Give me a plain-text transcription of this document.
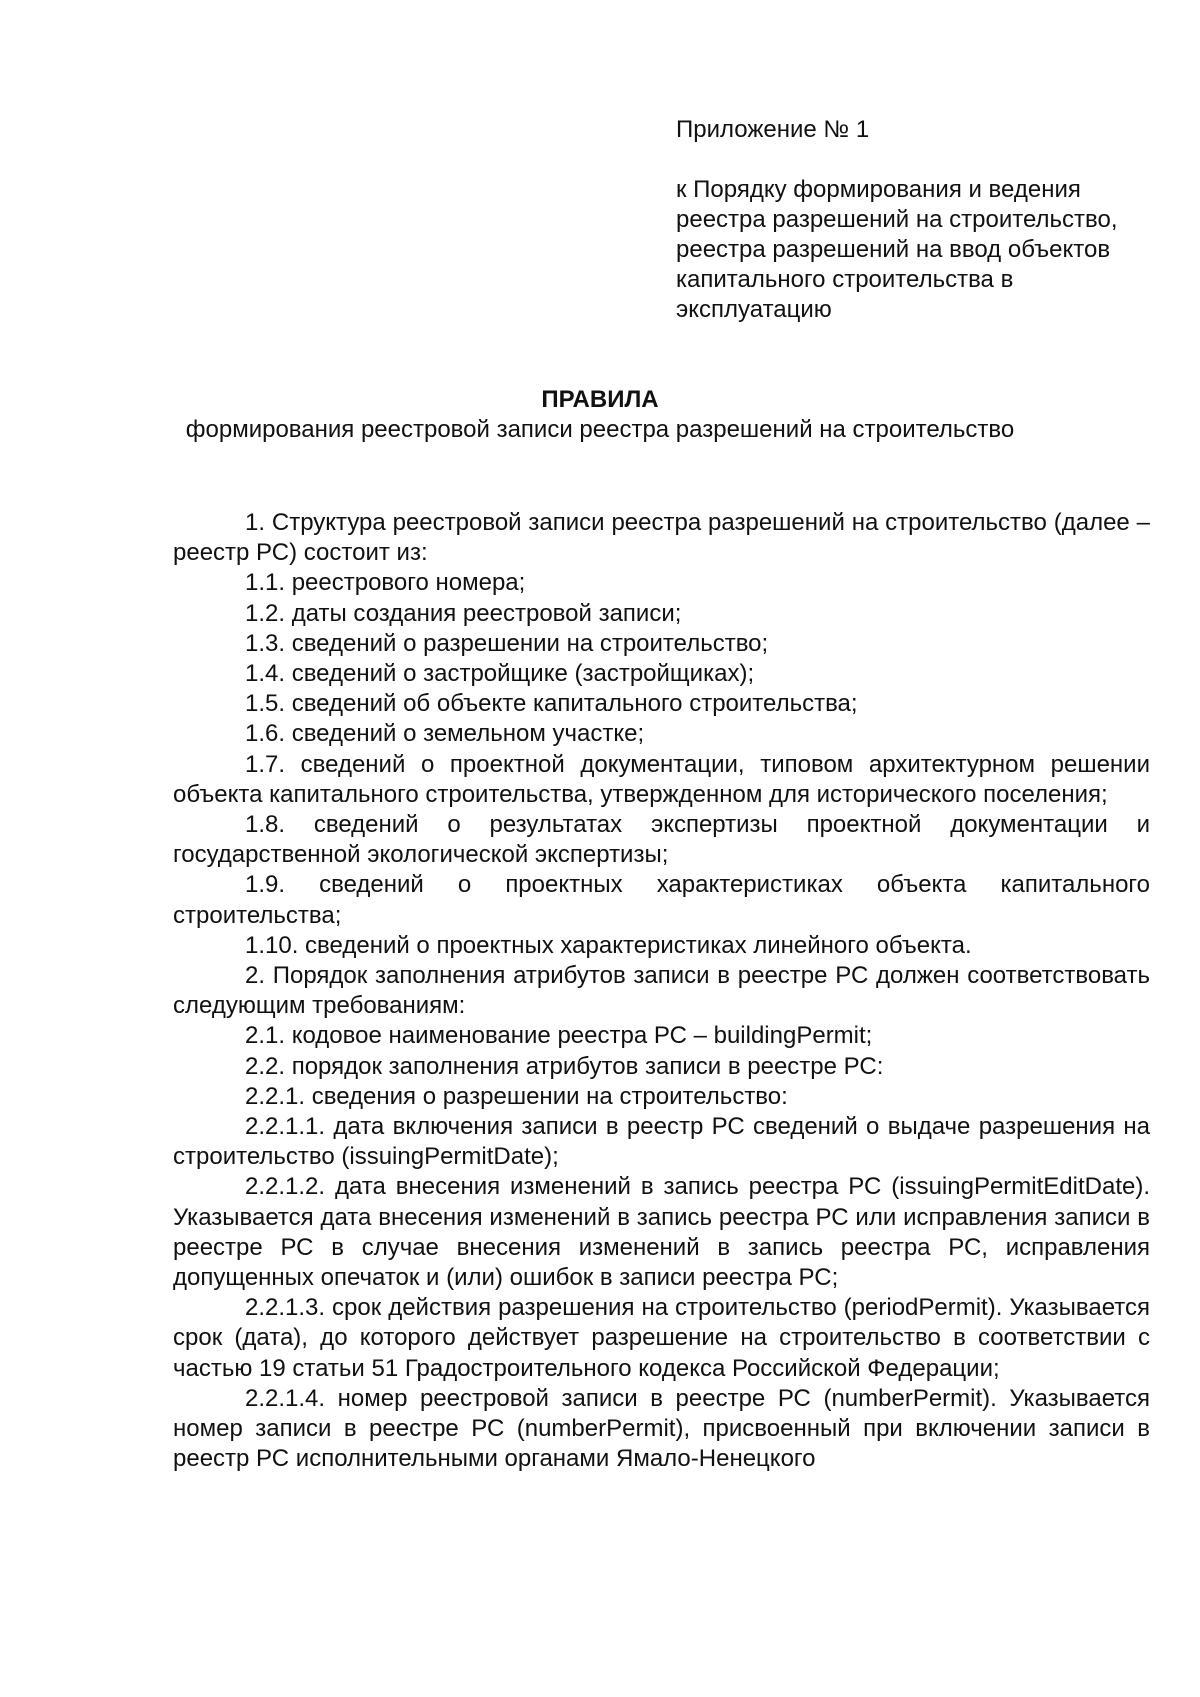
Приложение № 1
к Порядку формирования и ведения реестра разрешений на строительство, реестра разрешений на ввод объектов капитального строительства в эксплуатацию
ПРАВИЛА
формирования реестровой записи реестра разрешений на строительство

1. Структура реестровой записи реестра разрешений на строительство (далее – реестр РС) состоит из:

1.1. реестрового номера;

1.2. даты создания реестровой записи;

1.3. сведений о разрешении на строительство;

1.4. сведений о застройщике (застройщиках);

1.5. сведений об объекте капитального строительства;

1.6. сведений о земельном участке;

1.7. сведений о проектной документации, типовом архитектурном решении объекта капитального строительства, утвержденном для исторического поселения;

1.8. сведений о результатах экспертизы проектной документации и государственной экологической экспертизы;

1.9. сведений о проектных характеристиках объекта капитального строительства;

1.10. сведений о проектных характеристиках линейного объекта.

2. Порядок заполнения атрибутов записи в реестре РС должен соответствовать следующим требованиям:

2.1. кодовое наименование реестра РС – buildingPermit;

2.2. порядок заполнения атрибутов записи в реестре РС:

2.2.1. сведения о разрешении на строительство:

2.2.1.1. дата включения записи в реестр РС сведений о выдаче разрешения на строительство (issuingPermitDate);

2.2.1.2. дата внесения изменений в запись реестра РС (issuingPermitEditDate). Указывается дата внесения изменений в запись реестра РС или исправления записи в реестре РС в случае внесения изменений в запись реестра РС, исправления допущенных опечаток и (или) ошибок в записи реестра РС;

2.2.1.3. срок действия разрешения на строительство (periodPermit). Указывается срок (дата), до которого действует разрешение на строительство в соответствии с частью 19 статьи 51 Градостроительного кодекса Российской Федерации;

2.2.1.4. номер реестровой записи в реестре РС (numberPermit). Указывается номер записи в реестре РС (numberPermit), присвоенный при включении записи в реестр РС исполнительными органами Ямало-Ненецкого
